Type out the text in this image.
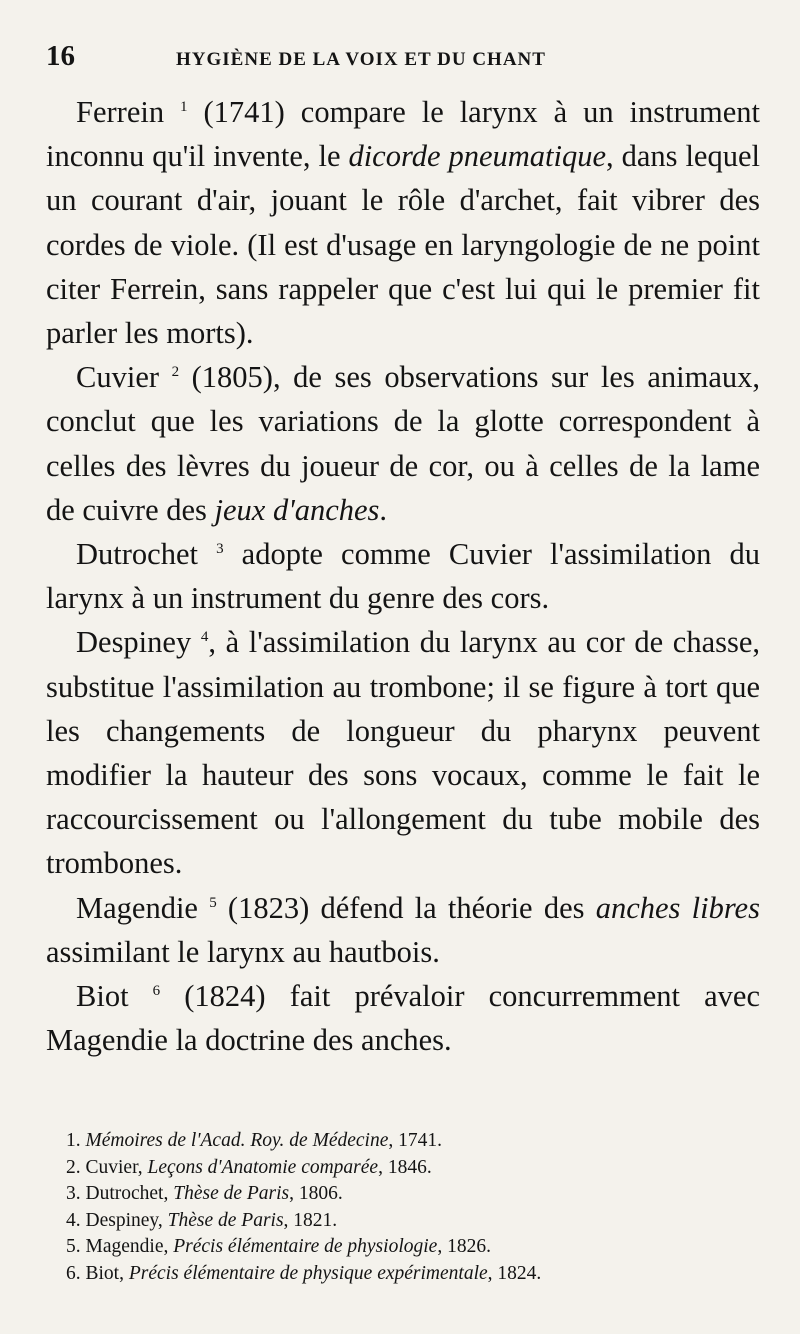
16	HYGIÈNE DE LA VOIX ET DU CHANT

Ferrein $^1$ (1741) compare le larynx à un instrument inconnu qu'il invente, le dicorde pneumatique, dans lequel un courant d'air, jouant le rôle d'archet, fait vibrer des cordes de viole. (Il est d'usage en laryngologie de ne point citer Ferrein, sans rappeler que c'est lui qui le premier fit parler les morts).

Cuvier $^2$ (1805), de ses observations sur les animaux, conclut que les variations de la glotte correspondent à celles des lèvres du joueur de cor, ou à celles de la lame de cuivre des jeux d'anches.

Dutrochet $^3$ adopte comme Cuvier l'assimilation du larynx à un instrument du genre des cors.

Despiney $^4$, à l'assimilation du larynx au cor de chasse, substitue l'assimilation au trombone; il se figure à tort que les changements de longueur du pharynx peuvent modifier la hauteur des sons vocaux, comme le fait le raccourcissement ou l'allongement du tube mobile des trombones.

Magendie $^5$ (1823) défend la théorie des anches libres assimilant le larynx au hautbois.

Biot $^6$ (1824) fait prévaloir concurremment avec Magendie la doctrine des anches.

1. Mémoires de l'Acad. Roy. de Médecine, 1741.
2. Cuvier, Leçons d'Anatomie comparée, 1846.
3. Dutrochet, Thèse de Paris, 1806.
4. Despiney, Thèse de Paris, 1821.
5. Magendie, Précis élémentaire de physiologie, 1826.
6. Biot, Précis élémentaire de physique expérimentale, 1824.
